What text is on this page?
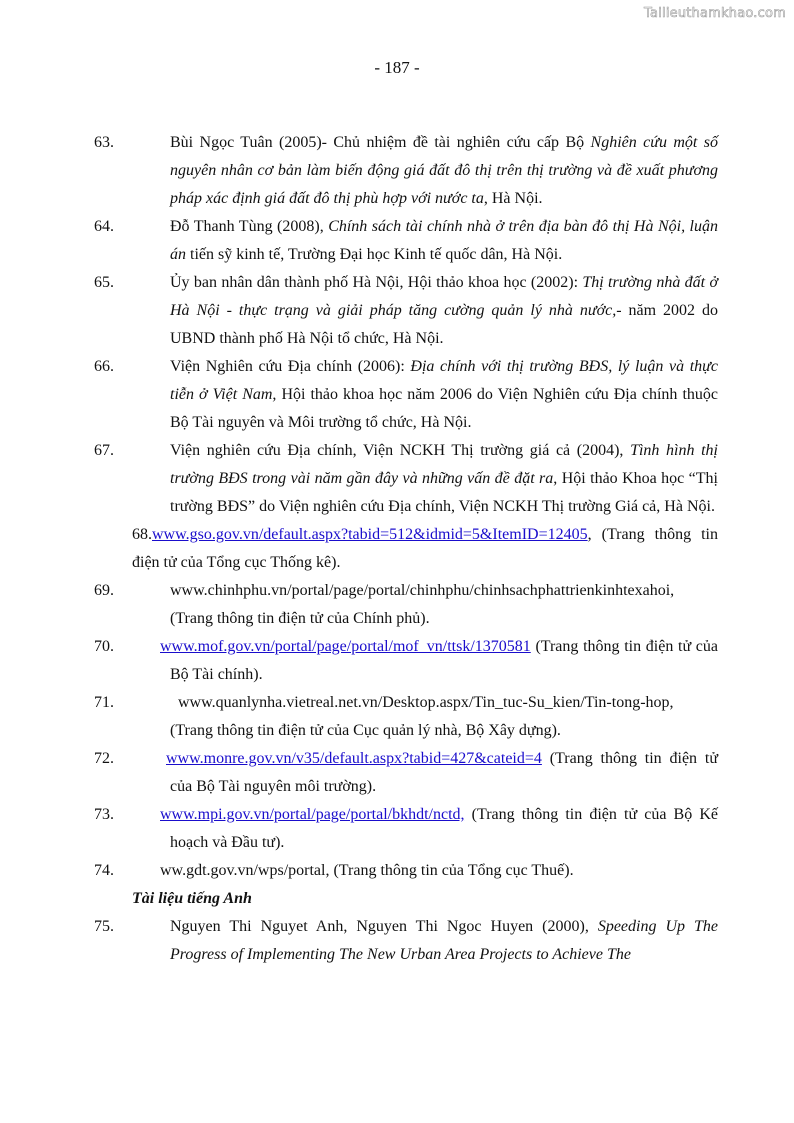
Tailieuthamkhao.com
- 187 -
63.	Bùi Ngọc Tuân (2005)- Chủ nhiệm đề tài nghiên cứu cấp Bộ Nghiên cứu một số nguyên nhân cơ bản làm biến động giá đất đô thị trên thị trường và đề xuất phương pháp xác định giá đất đô thị phù hợp với nước ta, Hà Nội.
64.	Đỗ Thanh Tùng (2008), Chính sách tài chính nhà ở trên địa bàn đô thị Hà Nội, luận án tiến sỹ kinh tế, Trường Đại học Kinh tế quốc dân, Hà Nội.
65.	Ủy ban nhân dân thành phố Hà Nội, Hội thảo khoa học (2002): Thị trường nhà đất ở Hà Nội - thực trạng và giải pháp tăng cường quản lý nhà nước,- năm 2002 do UBND thành phố Hà Nội tổ chức, Hà Nội.
66.	Viện Nghiên cứu Địa chính (2006): Địa chính với thị trường BĐS, lý luận và thực tiễn ở Việt Nam, Hội thảo khoa học năm 2006 do Viện Nghiên cứu Địa chính thuộc Bộ Tài nguyên và Môi trường tổ chức, Hà Nội.
67.	Viện nghiên cứu Địa chính, Viện NCKH Thị trường giá cả (2004), Tình hình thị trường BĐS trong vài năm gần đây và những vấn đề đặt ra, Hội thảo Khoa học “Thị trường BĐS” do Viện nghiên cứu Địa chính, Viện NCKH Thị trường Giá cả, Hà Nội.
68.www.gso.gov.vn/default.aspx?tabid=512&idmid=5&ItemID=12405, (Trang thông tin điện tử của Tổng cục Thống kê).
69.	www.chinhphu.vn/portal/page/portal/chinhphu/chinhsachphattrienkinhtexahoi,
(Trang thông tin điện tử của Chính phủ).
70.	www.mof.gov.vn/portal/page/portal/mof_vn/ttsk/1370581 (Trang thông tin điện tử của Bộ Tài chính).
71.	www.quanlynha.vietreal.net.vn/Desktop.aspx/Tin_tuc-Su_kien/Tin-tong-hop,
(Trang thông tin điện tử của Cục quản lý nhà, Bộ Xây dựng).
72.	www.monre.gov.vn/v35/default.aspx?tabid=427&cateid=4 (Trang thông tin điện tử của Bộ Tài nguyên môi trường).
73.	www.mpi.gov.vn/portal/page/portal/bkhdt/nctd, (Trang thông tin điện tử của Bộ Kế hoạch và Đầu tư).
74.	ww.gdt.gov.vn/wps/portal, (Trang thông tin của Tổng cục Thuế).
Tài liệu tiếng Anh
75.	Nguyen Thi Nguyet Anh, Nguyen Thi Ngoc Huyen (2000), Speeding Up The Progress of Implementing The New Urban Area Projects to Achieve The
